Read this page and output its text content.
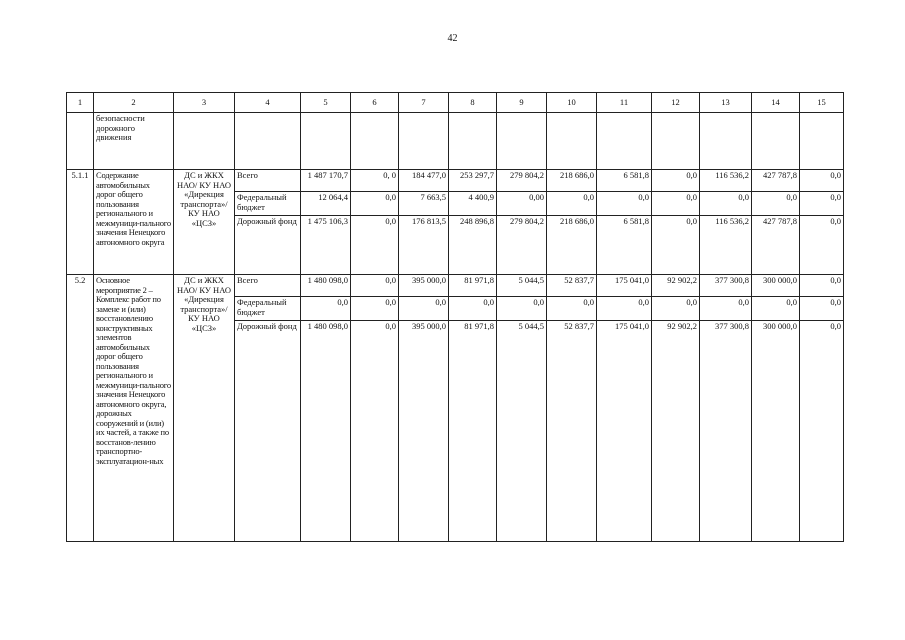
42
1	2	3	4	5	6	7	8	9	10	11	12	13	14	15
	безопасности дорожного движения													
5.1.1	Содержание автомобильных дорог общего пользования регионального и межмуници-пального значения Ненецкого автономного округа	ДС и ЖКХ НАО/ КУ НАО «Дирекция транспорта»/ КУ НАО «ЦСЗ»	Всего	1 487 170,7	0, 0	184 477,0	253 297,7	279 804,2	218 686,0	6 581,8	0,0	116 536,2	427 787,8	0,0
			Федеральный бюджет	12 064,4	0,0	7 663,5	4 400,9	0,00	0,0	0,0	0,0	0,0	0,0	0,0
			Дорожный фонд	1 475 106,3	0,0	176 813,5	248 896,8	279 804,2	218 686,0	6 581,8	0,0	116 536,2	427 787,8	0,0
5.2	Основное мероприятие 2 – Комплекс работ по замене и (или) восстановлению конструктивных элементов автомобильных дорог общего пользования регионального и межмуници-пального значения Ненецкого автономного округа, дорожных сооружений и (или) их частей, а также по восстанов-лению транспортно-эксплуатацион-ных	ДС и ЖКХ НАО/ КУ НАО «Дирекция транспорта»/ КУ НАО «ЦСЗ»	Всего	1 480 098,0	0,0	395 000,0	81 971,8	5 044,5	52 837,7	175 041,0	92 902,2	377 300,8	300 000,0	0,0
			Федеральный бюджет	0,0	0,0	0,0	0,0	0,0	0,0	0,0	0,0	0,0	0,0	0,0
			Дорожный фонд	1 480 098,0	0,0	395 000,0	81 971,8	5 044,5	52 837,7	175 041,0	92 902,2	377 300,8	300 000,0	0,0
